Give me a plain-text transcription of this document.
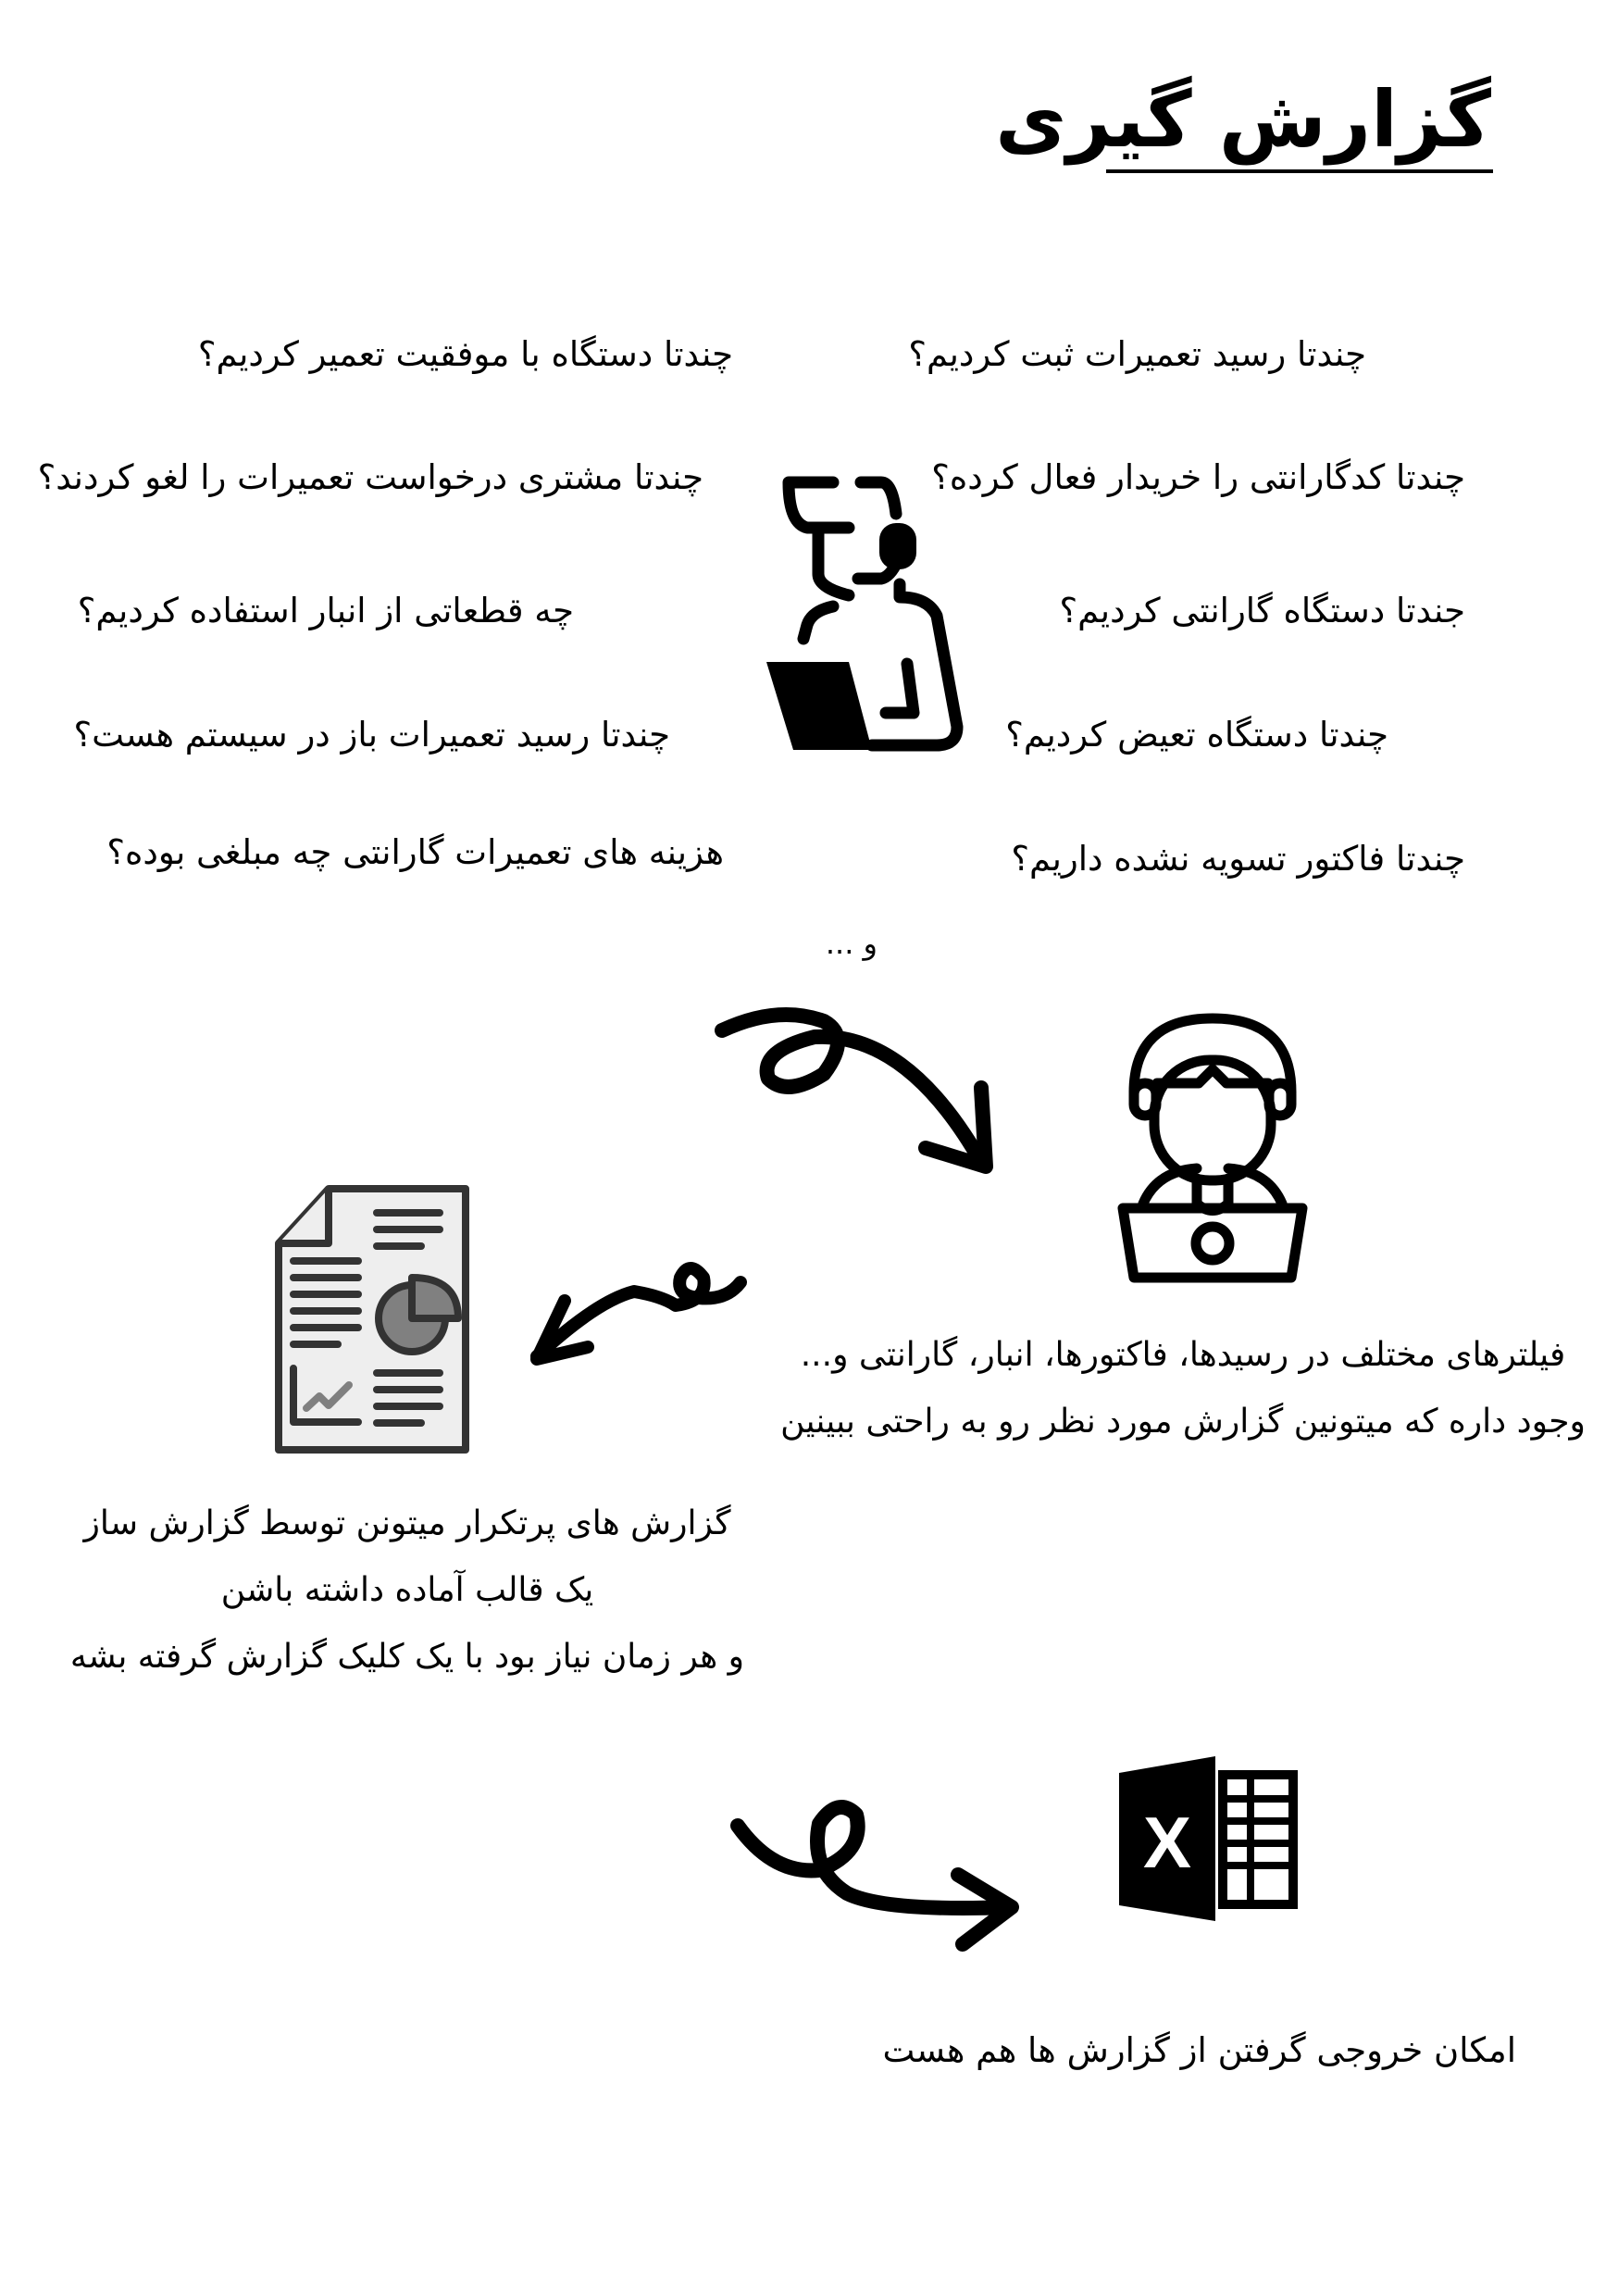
گزارش گیری
چندتا رسید تعمیرات ثبت کردیم؟
چندتا کدگارانتی را خریدار فعال کرده؟
جندتا دستگاه گارانتی کردیم؟
چندتا دستگاه تعیض کردیم؟
چندتا فاکتور تسویه نشده داریم؟
چندتا دستگاه با موفقیت تعمیر کردیم؟
چندتا مشتری درخواست تعمیرات را لغو کردند؟
چه قطعاتی از انبار استفاده کردیم؟
چندتا رسید تعمیرات باز در سیستم هست؟
هزینه های تعمیرات گارانتی چه مبلغی بوده؟
و ...
فیلترهای مختلف در رسیدها، فاکتورها، انبار، گارانتی و...
وجود داره که میتونین گزارش مورد نظر رو به راحتی ببینین
گزارش های پرتکرار میتونن توسط گزارش ساز
یک قالب آماده داشته باشن
و هر زمان نیاز بود با یک کلیک گزارش گرفته بشه
X
امکان خروجی گرفتن از گزارش ها هم هست
